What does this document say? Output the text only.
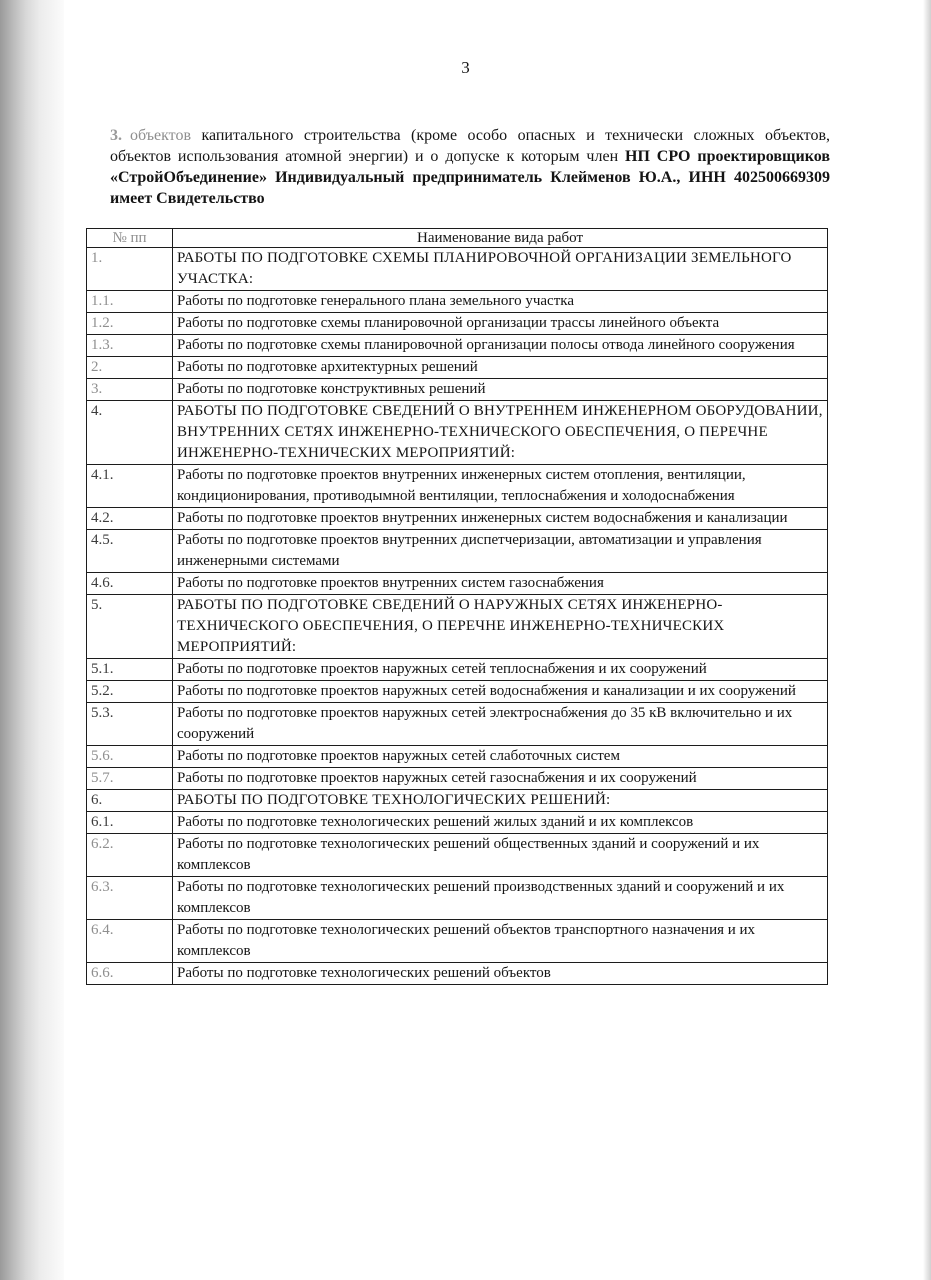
3

3. объектов капитального строительства (кроме особо опасных и технически сложных объектов, объектов использования атомной энергии) и о допуске к которым член НП СРО проектировщиков «СтройОбъединение» Индивидуальный предприниматель Клейменов Ю.А., ИНН 402500669309 имеет Свидетельство

№ пп	Наименование вида работ
1.	РАБОТЫ ПО ПОДГОТОВКЕ СХЕМЫ ПЛАНИРОВОЧНОЙ ОРГАНИЗАЦИИ ЗЕМЕЛЬНОГО УЧАСТКА:
1.1.	Работы по подготовке генерального плана земельного участка
1.2.	Работы по подготовке схемы планировочной организации трассы линейного объекта
1.3.	Работы по подготовке схемы планировочной организации полосы отвода линейного сооружения
2.	Работы по подготовке архитектурных решений
3.	Работы по подготовке конструктивных решений
4.	РАБОТЫ ПО ПОДГОТОВКЕ СВЕДЕНИЙ О ВНУТРЕННЕМ ИНЖЕНЕРНОМ ОБОРУДОВАНИИ, ВНУТРЕННИХ СЕТЯХ ИНЖЕНЕРНО-ТЕХНИЧЕСКОГО ОБЕСПЕЧЕНИЯ, О ПЕРЕЧНЕ ИНЖЕНЕРНО-ТЕХНИЧЕСКИХ МЕРОПРИЯТИЙ:
4.1.	Работы по подготовке проектов внутренних инженерных систем отопления, вентиляции, кондиционирования, противодымной вентиляции, теплоснабжения и холодоснабжения
4.2.	Работы по подготовке проектов внутренних инженерных систем водоснабжения и канализации
4.5.	Работы по подготовке проектов внутренних диспетчеризации, автоматизации и управления инженерными системами
4.6.	Работы по подготовке проектов внутренних систем газоснабжения
5.	РАБОТЫ ПО ПОДГОТОВКЕ СВЕДЕНИЙ О НАРУЖНЫХ СЕТЯХ ИНЖЕНЕРНО-ТЕХНИЧЕСКОГО ОБЕСПЕЧЕНИЯ, О ПЕРЕЧНЕ ИНЖЕНЕРНО-ТЕХНИЧЕСКИХ МЕРОПРИЯТИЙ:
5.1.	Работы по подготовке проектов наружных сетей теплоснабжения и их сооружений
5.2.	Работы по подготовке проектов наружных сетей водоснабжения и канализации и их сооружений
5.3.	Работы по подготовке проектов наружных сетей электроснабжения до 35 кВ включительно и их сооружений
5.6.	Работы по подготовке проектов наружных сетей слаботочных систем
5.7.	Работы по подготовке проектов наружных сетей газоснабжения и их сооружений
6.	РАБОТЫ ПО ПОДГОТОВКЕ ТЕХНОЛОГИЧЕСКИХ РЕШЕНИЙ:
6.1.	Работы по подготовке технологических решений жилых зданий и их комплексов
6.2.	Работы по подготовке технологических решений общественных зданий и сооружений и их комплексов
6.3.	Работы по подготовке технологических решений производственных зданий и сооружений и их комплексов
6.4.	Работы по подготовке технологических решений объектов транспортного назначения и их комплексов
6.6.	Работы по подготовке технологических решений объектов
